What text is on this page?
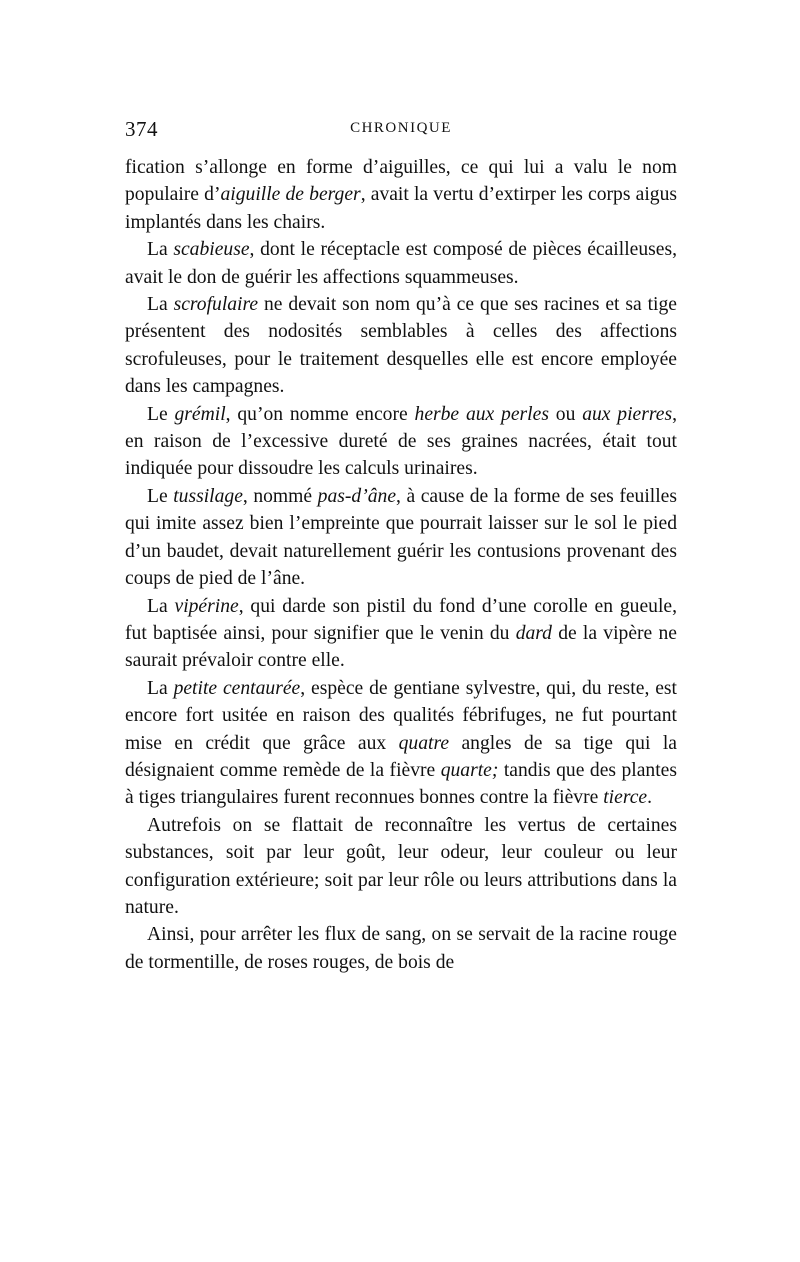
374	CHRONIQUE

fication s’allonge en forme d’aiguilles, ce qui lui a valu le nom populaire d’aiguille de berger, avait la vertu d’extirper les corps aigus implantés dans les chairs.

La scabieuse, dont le réceptacle est composé de pièces écailleuses, avait le don de guérir les affections squammeuses.

La scrofulaire ne devait son nom qu’à ce que ses racines et sa tige présentent des nodosités semblables à celles des affections scrofuleuses, pour le traitement desquelles elle est encore employée dans les campagnes.

Le grémil, qu’on nomme encore herbe aux perles ou aux pierres, en raison de l’excessive dureté de ses graines nacrées, était tout indiquée pour dissoudre les calculs urinaires.

Le tussilage, nommé pas-d’âne, à cause de la forme de ses feuilles qui imite assez bien l’empreinte que pourrait laisser sur le sol le pied d’un baudet, devait naturellement guérir les contusions provenant des coups de pied de l’âne.

La vipérine, qui darde son pistil du fond d’une corolle en gueule, fut baptisée ainsi, pour signifier que le venin du dard de la vipère ne saurait prévaloir contre elle.

La petite centaurée, espèce de gentiane sylvestre, qui, du reste, est encore fort usitée en raison des qualités fébrifuges, ne fut pourtant mise en crédit que grâce aux quatre angles de sa tige qui la désignaient comme remède de la fièvre quarte; tandis que des plantes à tiges triangulaires furent reconnues bonnes contre la fièvre tierce.

Autrefois on se flattait de reconnaître les vertus de certaines substances, soit par leur goût, leur odeur, leur couleur ou leur configuration extérieure; soit par leur rôle ou leurs attributions dans la nature.

Ainsi, pour arrêter les flux de sang, on se servait de la racine rouge de tormentille, de roses rouges, de bois de
